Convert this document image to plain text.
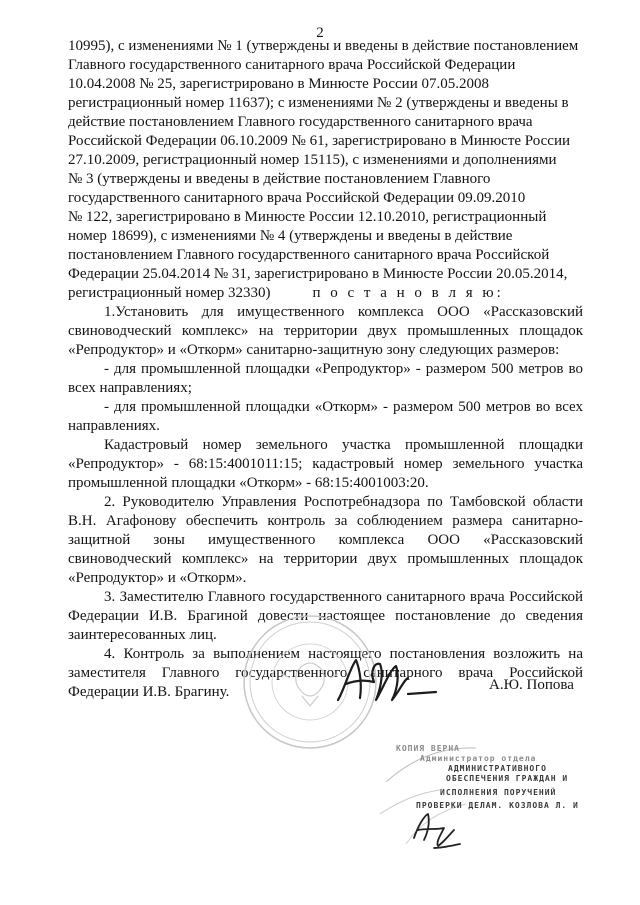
2

10995), с изменениями № 1 (утверждены и введены в действие постановлением

Главного государственного санитарного врача Российской Федерации

10.04.2008 № 25, зарегистрировано в Минюсте России 07.05.2008

регистрационный номер 11637); с изменениями № 2 (утверждены и введены в

действие постановлением Главного государственного санитарного врача

Российской Федерации 06.10.2009 № 61, зарегистрировано в Минюсте России

27.10.2009, регистрационный номер 15115), с изменениями и дополнениями

№ 3 (утверждены и введены в действие постановлением Главного

государственного санитарного врача Российской Федерации 09.09.2010

№ 122, зарегистрировано в Минюсте России 12.10.2010, регистрационный

номер 18699), с изменениями № 4 (утверждены и введены в действие

постановлением Главного государственного санитарного врача Российской

Федерации 25.04.2014 № 31, зарегистрировано в Минюсте России 20.05.2014,

регистрационный номер 32330)	п о с т а н о в л я ю:

1.Установить для имущественного комплекса ООО «Рассказовский свиноводческий комплекс» на территории двух промышленных площадок «Репродуктор» и «Откорм» санитарно-защитную зону следующих размеров:

- для промышленной площадки «Репродуктор» - размером 500 метров во всех направлениях;

- для промышленной площадки «Откорм» - размером 500 метров во всех направлениях.

Кадастровый номер земельного участка промышленной площадки «Репродуктор» - 68:15:4001011:15; кадастровый номер земельного участка промышленной площадки «Откорм» - 68:15:4001003:20.

2. Руководителю Управления Роспотребнадзора по Тамбовской области В.Н. Агафонову обеспечить контроль за соблюдением размера санитарно-защитной зоны имущественного комплекса ООО «Рассказовский свиноводческий комплекс» на территории двух промышленных площадок «Репродуктор» и «Откорм».

3. Заместителю Главного государственного санитарного врача Российской Федерации И.В. Брагиной довести настоящее постановление до сведения заинтересованных лиц.

4. Контроль за выполнением настоящего постановления возложить на заместителя Главного государственного санитарного врача Российской Федерации И.В. Брагину.	А.Ю. Попова
КОПИЯ ВЕРНА
Администратор отдела
АДМИНИСТРАТИВНОГО
ОБЕСПЕЧЕНИЯ ГРАЖДАН И
ИСПОЛНЕНИЯ ПОРУЧЕНИЙ
ПРОВЕРКИ ДЕЛАМ. КОЗЛОВА Л. И
